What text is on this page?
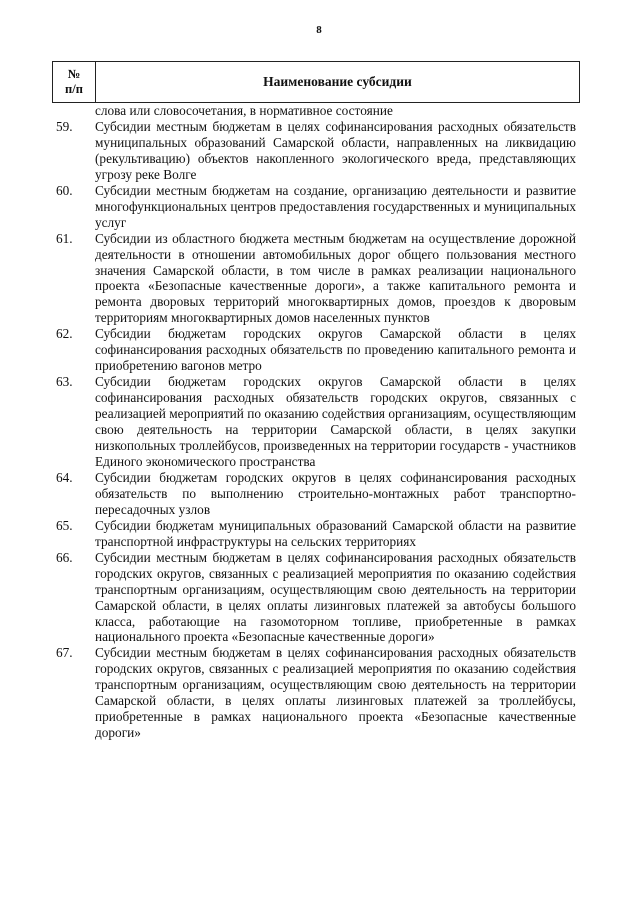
8
№
п/п	Наименование субсидии
слова или словосочетания, в нормативное состояние
59.	Субсидии местным бюджетам в целях софинансирования расходных обязательств муниципальных образований Самарской области, направленных на ликвидацию (рекультивацию) объектов накопленного экологического вреда, представляющих угрозу реке Волге
60.	Субсидии местным бюджетам на создание, организацию деятельности и развитие многофункциональных центров предоставления государственных и муниципальных услуг
61.	Субсидии из областного бюджета местным бюджетам на осуществление дорожной деятельности в отношении автомобильных дорог общего пользования местного значения Самарской области, в том числе в рамках реализации национального проекта «Безопасные качественные дороги», а также капитального ремонта и ремонта дворовых территорий многоквартирных домов, проездов к дворовым территориям многоквартирных домов населенных пунктов
62.	Субсидии бюджетам городских округов Самарской области в целях софинансирования расходных обязательств по проведению капитального ремонта и приобретению вагонов метро
63.	Субсидии бюджетам городских округов Самарской области в целях софинансирования расходных обязательств городских округов, связанных с реализацией мероприятий по оказанию содействия организациям, осуществляющим свою деятельность на территории Самарской области, в целях закупки низкопольных троллейбусов, произведенных на территории государств - участников Единого экономического пространства
64.	Субсидии бюджетам городских округов в целях софинансирования расходных обязательств по выполнению строительно-монтажных работ транспортно-пересадочных узлов
65.	Субсидии бюджетам муниципальных образований Самарской области на развитие транспортной инфраструктуры на сельских территориях
66.	Субсидии местным бюджетам в целях софинансирования расходных обязательств городских округов, связанных с реализацией мероприятия по оказанию содействия транспортным организациям, осуществляющим свою деятельность на территории Самарской области, в целях оплаты лизинговых платежей за автобусы большого класса, работающие на газомоторном топливе, приобретенные в рамках национального проекта «Безопасные качественные дороги»
67.	Субсидии местным бюджетам в целях софинансирования расходных обязательств городских округов, связанных с реализацией мероприятия по оказанию содействия транспортным организациям, осуществляющим свою деятельность на территории Самарской области, в целях оплаты лизинговых платежей за троллейбусы, приобретенные в рамках национального проекта «Безопасные качественные дороги»
